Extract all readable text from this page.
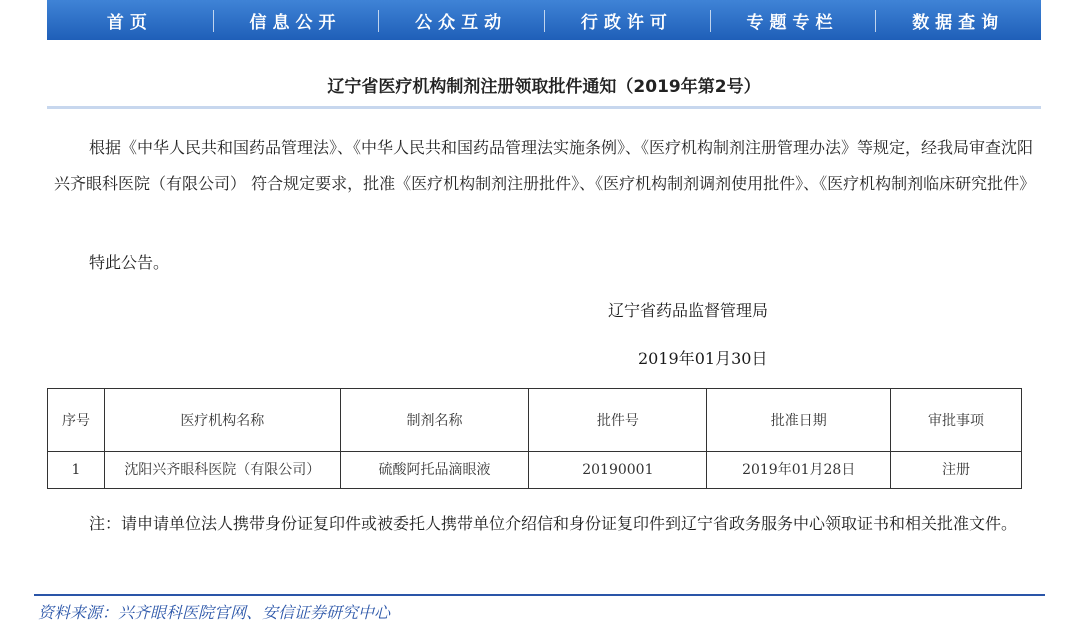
首页	信息公开	公众互动	行政许可	专题专栏	数据查询
辽宁省医疗机构制剂注册领取批件通知（2019年第2号）
根据《中华人民共和国药品管理法》、《中华人民共和国药品管理法实施条例》、《医疗机构制剂注册管理办法》等规定，经我局审查沈阳兴齐眼科医院（有限公司） 符合规定要求，批准《医疗机构制剂注册批件》、《医疗机构制剂调剂使用批件》、《医疗机构制剂临床研究批件》
特此公告。
辽宁省药品监督管理局
2019年01月30日
序号	医疗机构名称	制剂名称	批件号	批准日期	审批事项
1	沈阳兴齐眼科医院（有限公司）	硫酸阿托品滴眼液	20190001	2019年01月28日	注册
注：请申请单位法人携带身份证复印件或被委托人携带单位介绍信和身份证复印件到辽宁省政务服务中心领取证书和相关批准文件。
资料来源：兴齐眼科医院官网、安信证券研究中心
